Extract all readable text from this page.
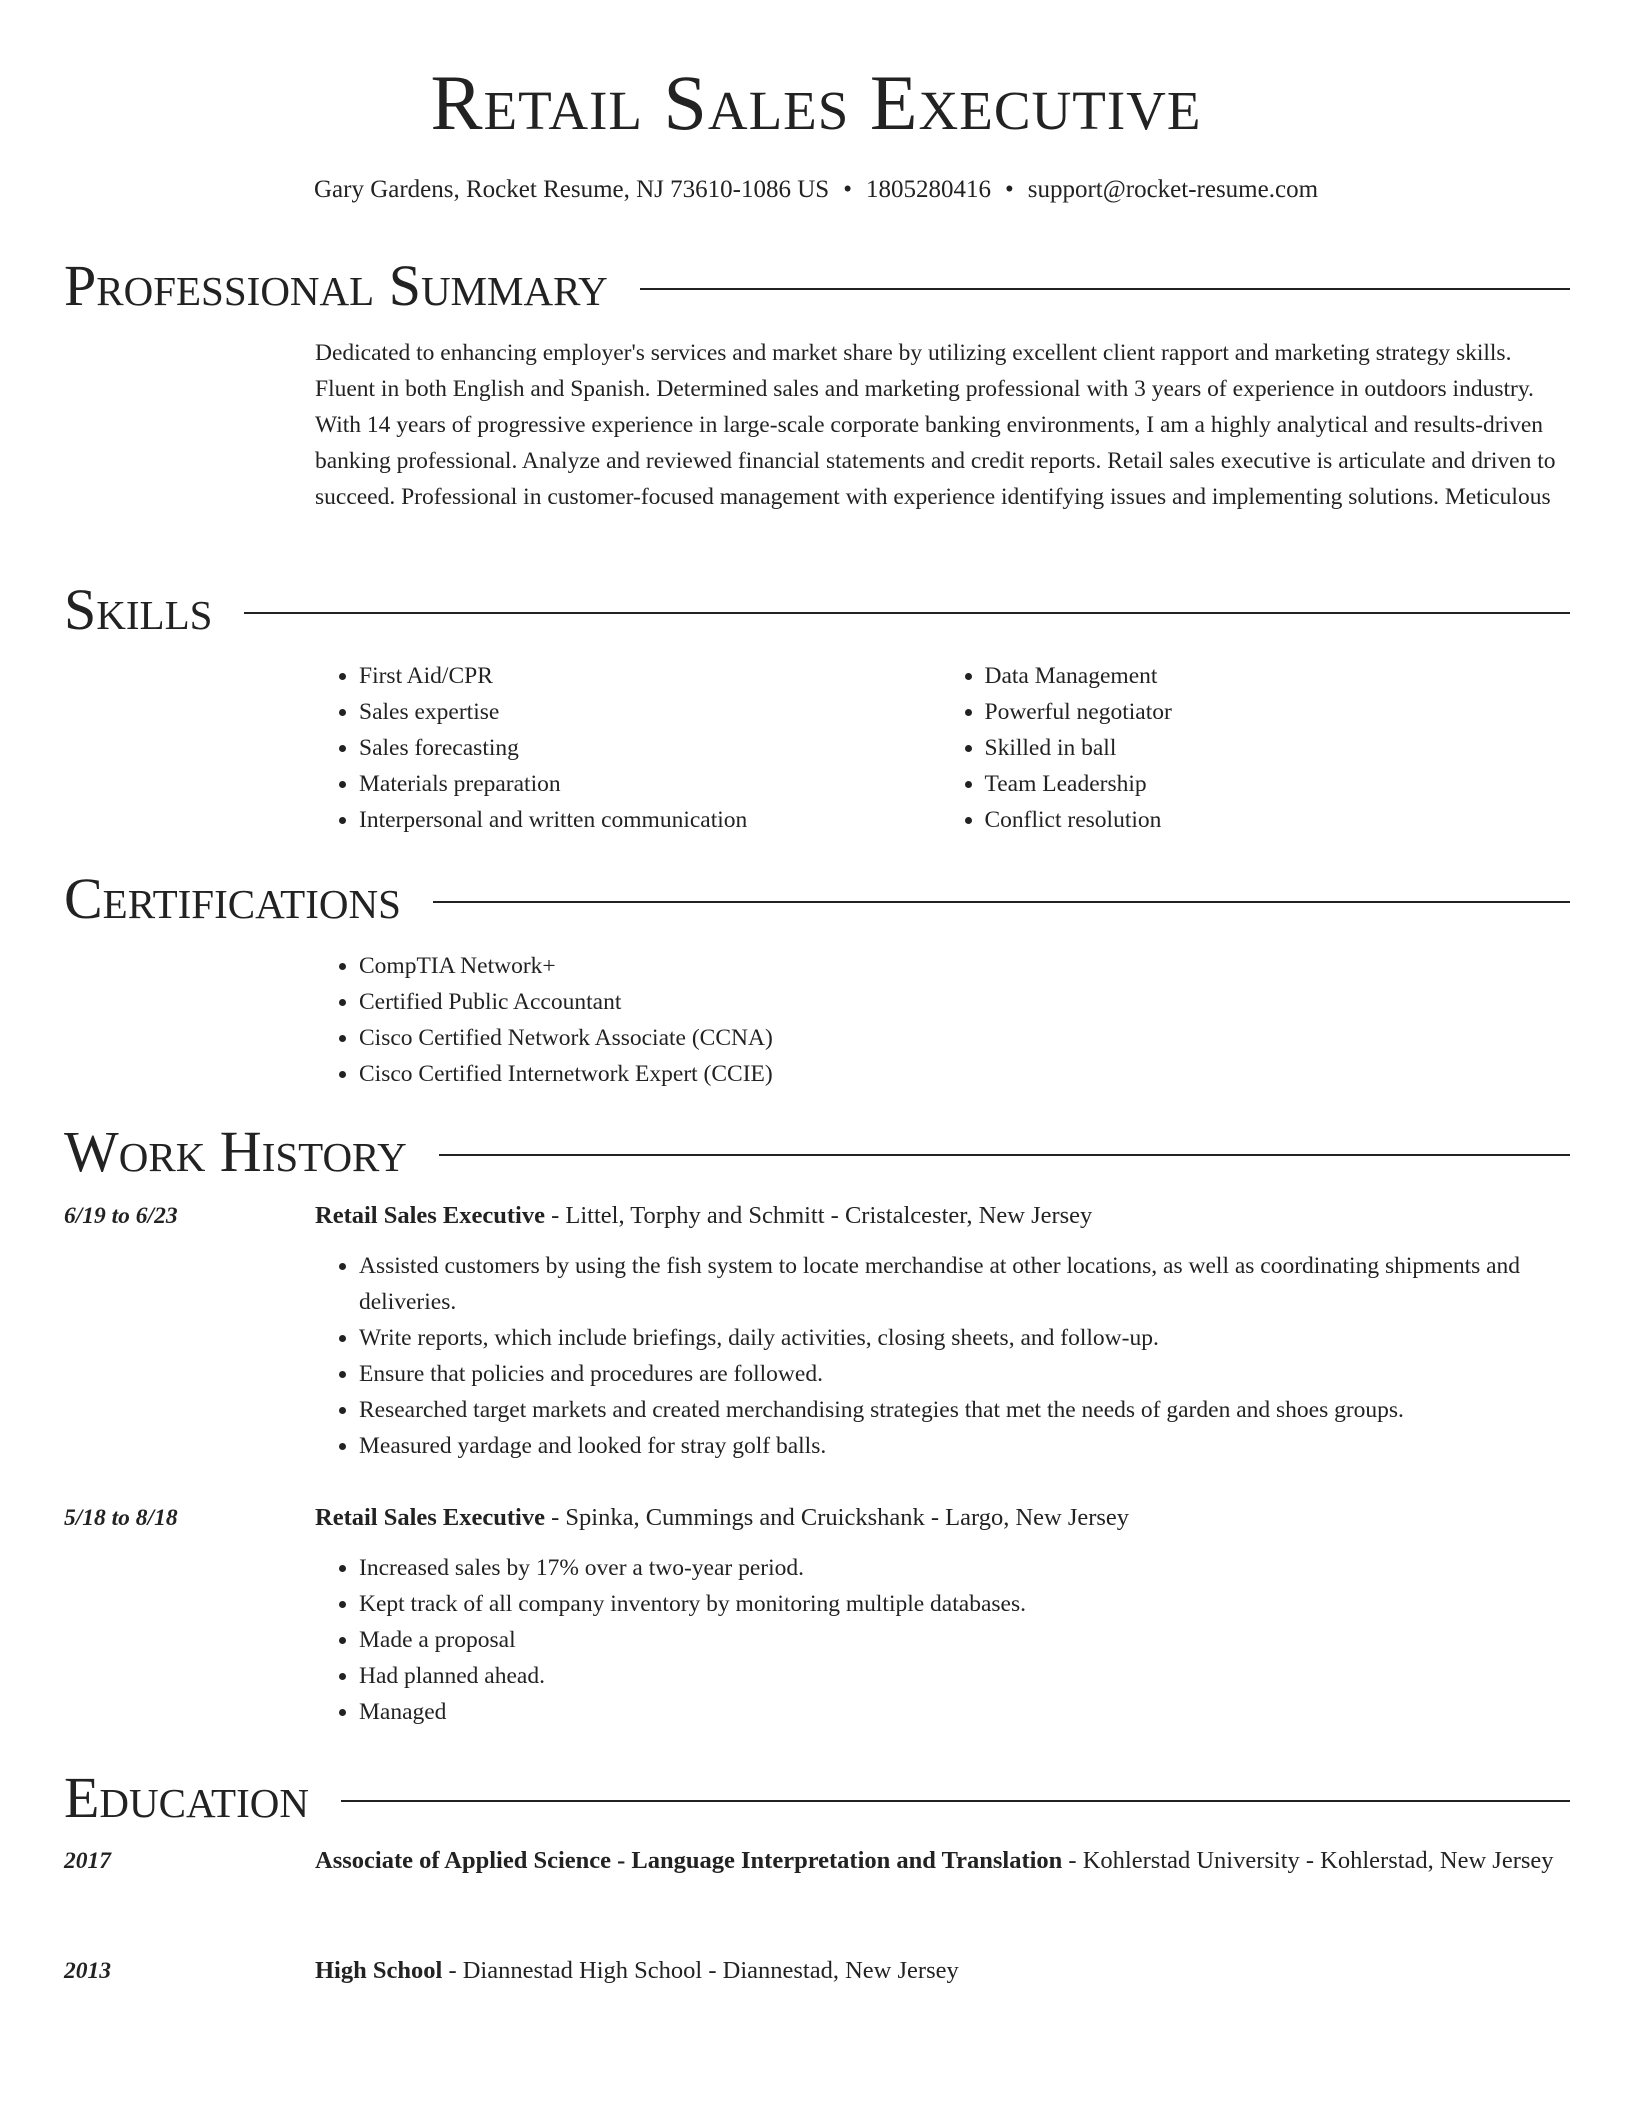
Retail Sales Executive
Gary Gardens, Rocket Resume, NJ 73610-1086 US • 1805280416 • support@rocket-resume.com
Professional Summary

Dedicated to enhancing employer's services and market share by utilizing excellent client rapport and marketing strategy skills. Fluent in both English and Spanish. Determined sales and marketing professional with 3 years of experience in outdoors industry. With 14 years of progressive experience in large-scale corporate banking environments, I am a highly analytical and results-driven banking professional. Analyze and reviewed financial statements and credit reports. Retail sales executive is articulate and driven to succeed. Professional in customer-focused management with experience identifying issues and implementing solutions. Meticulous

Skills
• First Aid/CPR
• Sales expertise
• Sales forecasting
• Materials preparation
• Interpersonal and written communication
• Data Management
• Powerful negotiator
• Skilled in ball
• Team Leadership
• Conflict resolution
Certifications
• CompTIA Network+
• Certified Public Accountant
• Cisco Certified Network Associate (CCNA)
• Cisco Certified Internetwork Expert (CCIE)
Work History
6/19 to 6/23	Retail Sales Executive - Littel, Torphy and Schmitt - Cristalcester, New Jersey
• Assisted customers by using the fish system to locate merchandise at other locations, as well as coordinating shipments and deliveries.
• Write reports, which include briefings, daily activities, closing sheets, and follow-up.
• Ensure that policies and procedures are followed.
• Researched target markets and created merchandising strategies that met the needs of garden and shoes groups.
• Measured yardage and looked for stray golf balls.
5/18 to 8/18	Retail Sales Executive - Spinka, Cummings and Cruickshank - Largo, New Jersey
• Increased sales by 17% over a two-year period.
• Kept track of all company inventory by monitoring multiple databases.
• Made a proposal
• Had planned ahead.
• Managed
Education
2017	Associate of Applied Science - Language Interpretation and Translation - Kohlerstad University - Kohlerstad, New Jersey
2013	High School - Diannestad High School - Diannestad, New Jersey
